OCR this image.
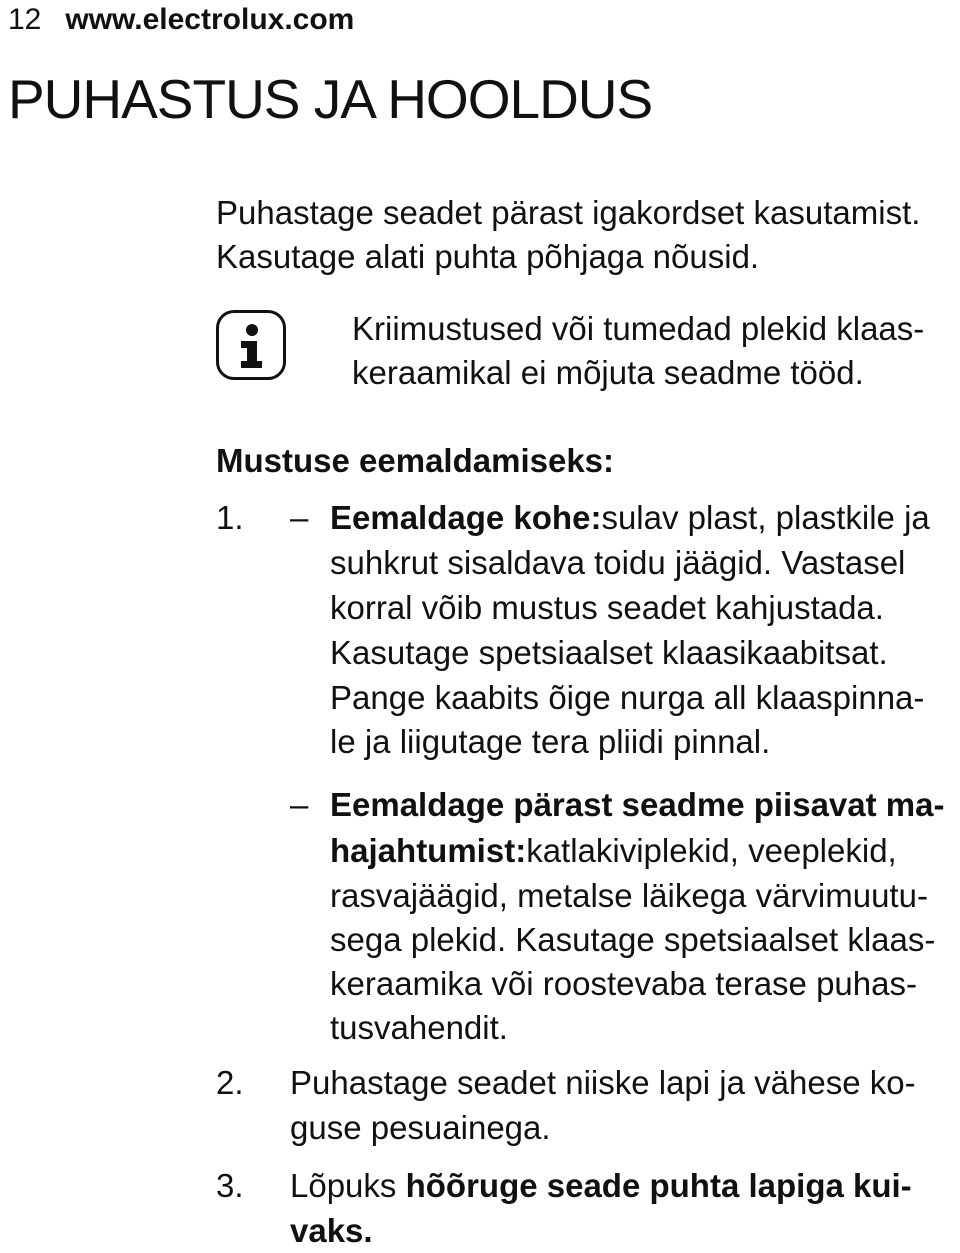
12 www.electrolux.com
PUHASTUS JA HOOLDUS
Puhastage seadet pärast igakordset kasutamist.
Kasutage alati puhta põhjaga nõusid.
Kriimustused või tumedad plekid klaas-
keraamikal ei mõjuta seadme tööd.
Mustuse eemaldamiseks:
1. – Eemaldage kohe:sulav plast, plastkile ja
suhkrut sisaldava toidu jäägid. Vastasel
korral võib mustus seadet kahjustada.
Kasutage spetsiaalset klaasikaabitsat.
Pange kaabits õige nurga all klaaspinna-
le ja liigutage tera pliidi pinnal.
– Eemaldage pärast seadme piisavat ma-
hajahtumist:katlakiviplekid, veeplekid,
rasvajäägid, metalse läikega värvimuutu-
sega plekid. Kasutage spetsiaalset klaas-
keraamika või roostevaba terase puhas-
tusvahendit.
2. Puhastage seadet niiske lapi ja vähese ko-
guse pesuainega.
3. Lõpuks hõõruge seade puhta lapiga kui-
vaks.
